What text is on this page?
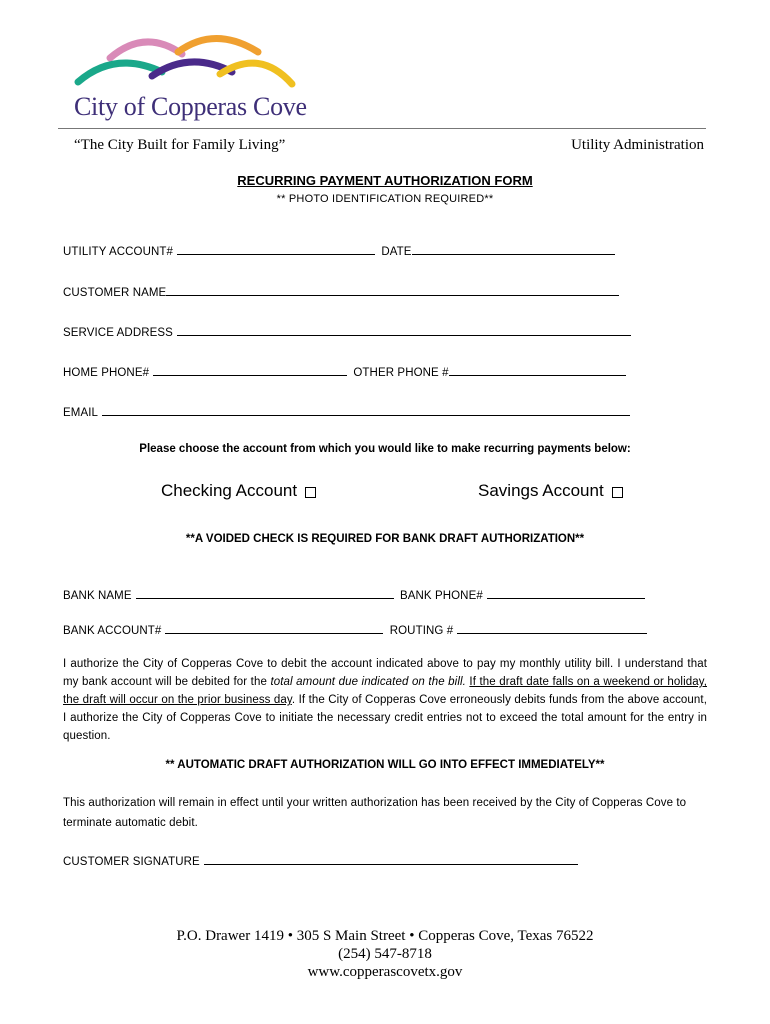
City of Copperas Cove
“The City Built for Family Living”	Utility Administration
RECURRING PAYMENT AUTHORIZATION FORM
** PHOTO IDENTIFICATION REQUIRED**
UTILITY ACCOUNT#	DATE
CUSTOMER NAME
SERVICE ADDRESS
HOME PHONE#	OTHER PHONE #
EMAIL
Please choose the account from which you would like to make recurring payments below:
Checking Account	Savings Account
**A VOIDED CHECK IS REQUIRED FOR BANK DRAFT AUTHORIZATION**
BANK NAME	BANK PHONE#
BANK ACCOUNT#	ROUTING #
I authorize the City of Copperas Cove to debit the account indicated above to pay my monthly utility bill. I understand that my bank account will be debited for the total amount due indicated on the bill. If the draft date falls on a weekend or holiday, the draft will occur on the prior business day. If the City of Copperas Cove erroneously debits funds from the above account, I authorize the City of Copperas Cove to initiate the necessary credit entries not to exceed the total amount for the entry in question.
** AUTOMATIC DRAFT AUTHORIZATION WILL GO INTO EFFECT IMMEDIATELY**
This authorization will remain in effect until your written authorization has been received by the City of Copperas Cove to terminate automatic debit.
CUSTOMER SIGNATURE
P.O. Drawer 1419 • 305 S Main Street • Copperas Cove, Texas 76522
(254) 547-8718
www.copperascovetx.gov
